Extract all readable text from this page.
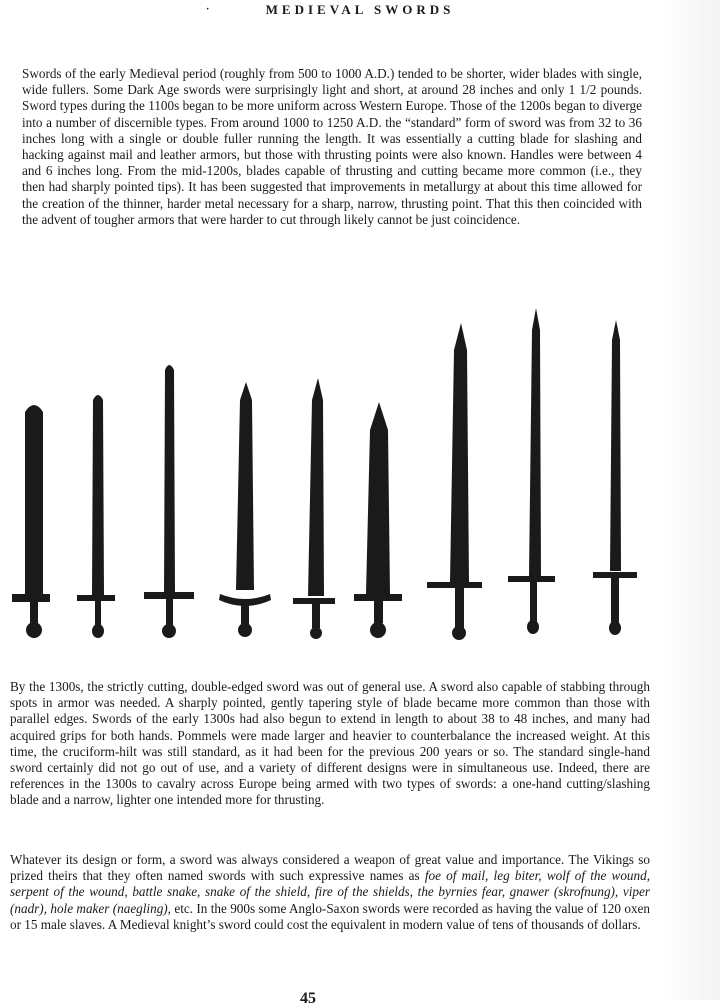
·	MEDIEVAL SWORDS

Swords of the early Medieval period (roughly from 500 to 1000 A.D.) tended to be shorter, wider blades with single, wide fullers. Some Dark Age swords were surprisingly light and short, at around 28 inches and only 1 1/2 pounds. Sword types during the 1100s began to be more uniform across Western Europe. Those of the 1200s began to diverge into a number of discernible types. From around 1000 to 1250 A.D. the “standard” form of sword was from 32 to 36 inches long with a single or double fuller running the length. It was essentially a cutting blade for slashing and hacking against mail and leather armors, but those with thrusting points were also known. Handles were between 4 and 6 inches long. From the mid-1200s, blades capable of thrusting and cutting became more common (i.e., they then had sharply pointed tips). It has been suggested that improvements in metallurgy at about this time allowed for the creation of the thinner, harder metal necessary for a sharp, narrow, thrusting point. That this then coincided with the advent of tougher armors that were harder to cut through likely cannot be just coincidence.

By the 1300s, the strictly cutting, double-edged sword was out of general use. A sword also capable of stabbing through spots in armor was needed. A sharply pointed, gently tapering style of blade became more common than those with parallel edges. Swords of the early 1300s had also begun to extend in length to about 38 to 48 inches, and many had acquired grips for both hands. Pommels were made larger and heavier to counterbalance the increased weight. At this time, the cruciform-hilt was still standard, as it had been for the previous 200 years or so. The standard single-hand sword certainly did not go out of use, and a variety of different designs were in simultaneous use. Indeed, there are references in the 1300s to cavalry across Europe being armed with two types of swords: a one-hand cutting/slashing blade and a narrow, lighter one intended more for thrusting.

Whatever its design or form, a sword was always considered a weapon of great value and importance. The Vikings so prized theirs that they often named swords with such expressive names as foe of mail, leg biter, wolf of the wound, serpent of the wound, battle snake, snake of the shield, fire of the shields, the byrnies fear, gnawer (skrofnung), viper (nadr), hole maker (naegling), etc. In the 900s some Anglo-Saxon swords were recorded as having the value of 120 oxen or 15 male slaves. A Medieval knight’s sword could cost the equivalent in modern value of tens of thousands of dollars.

45
